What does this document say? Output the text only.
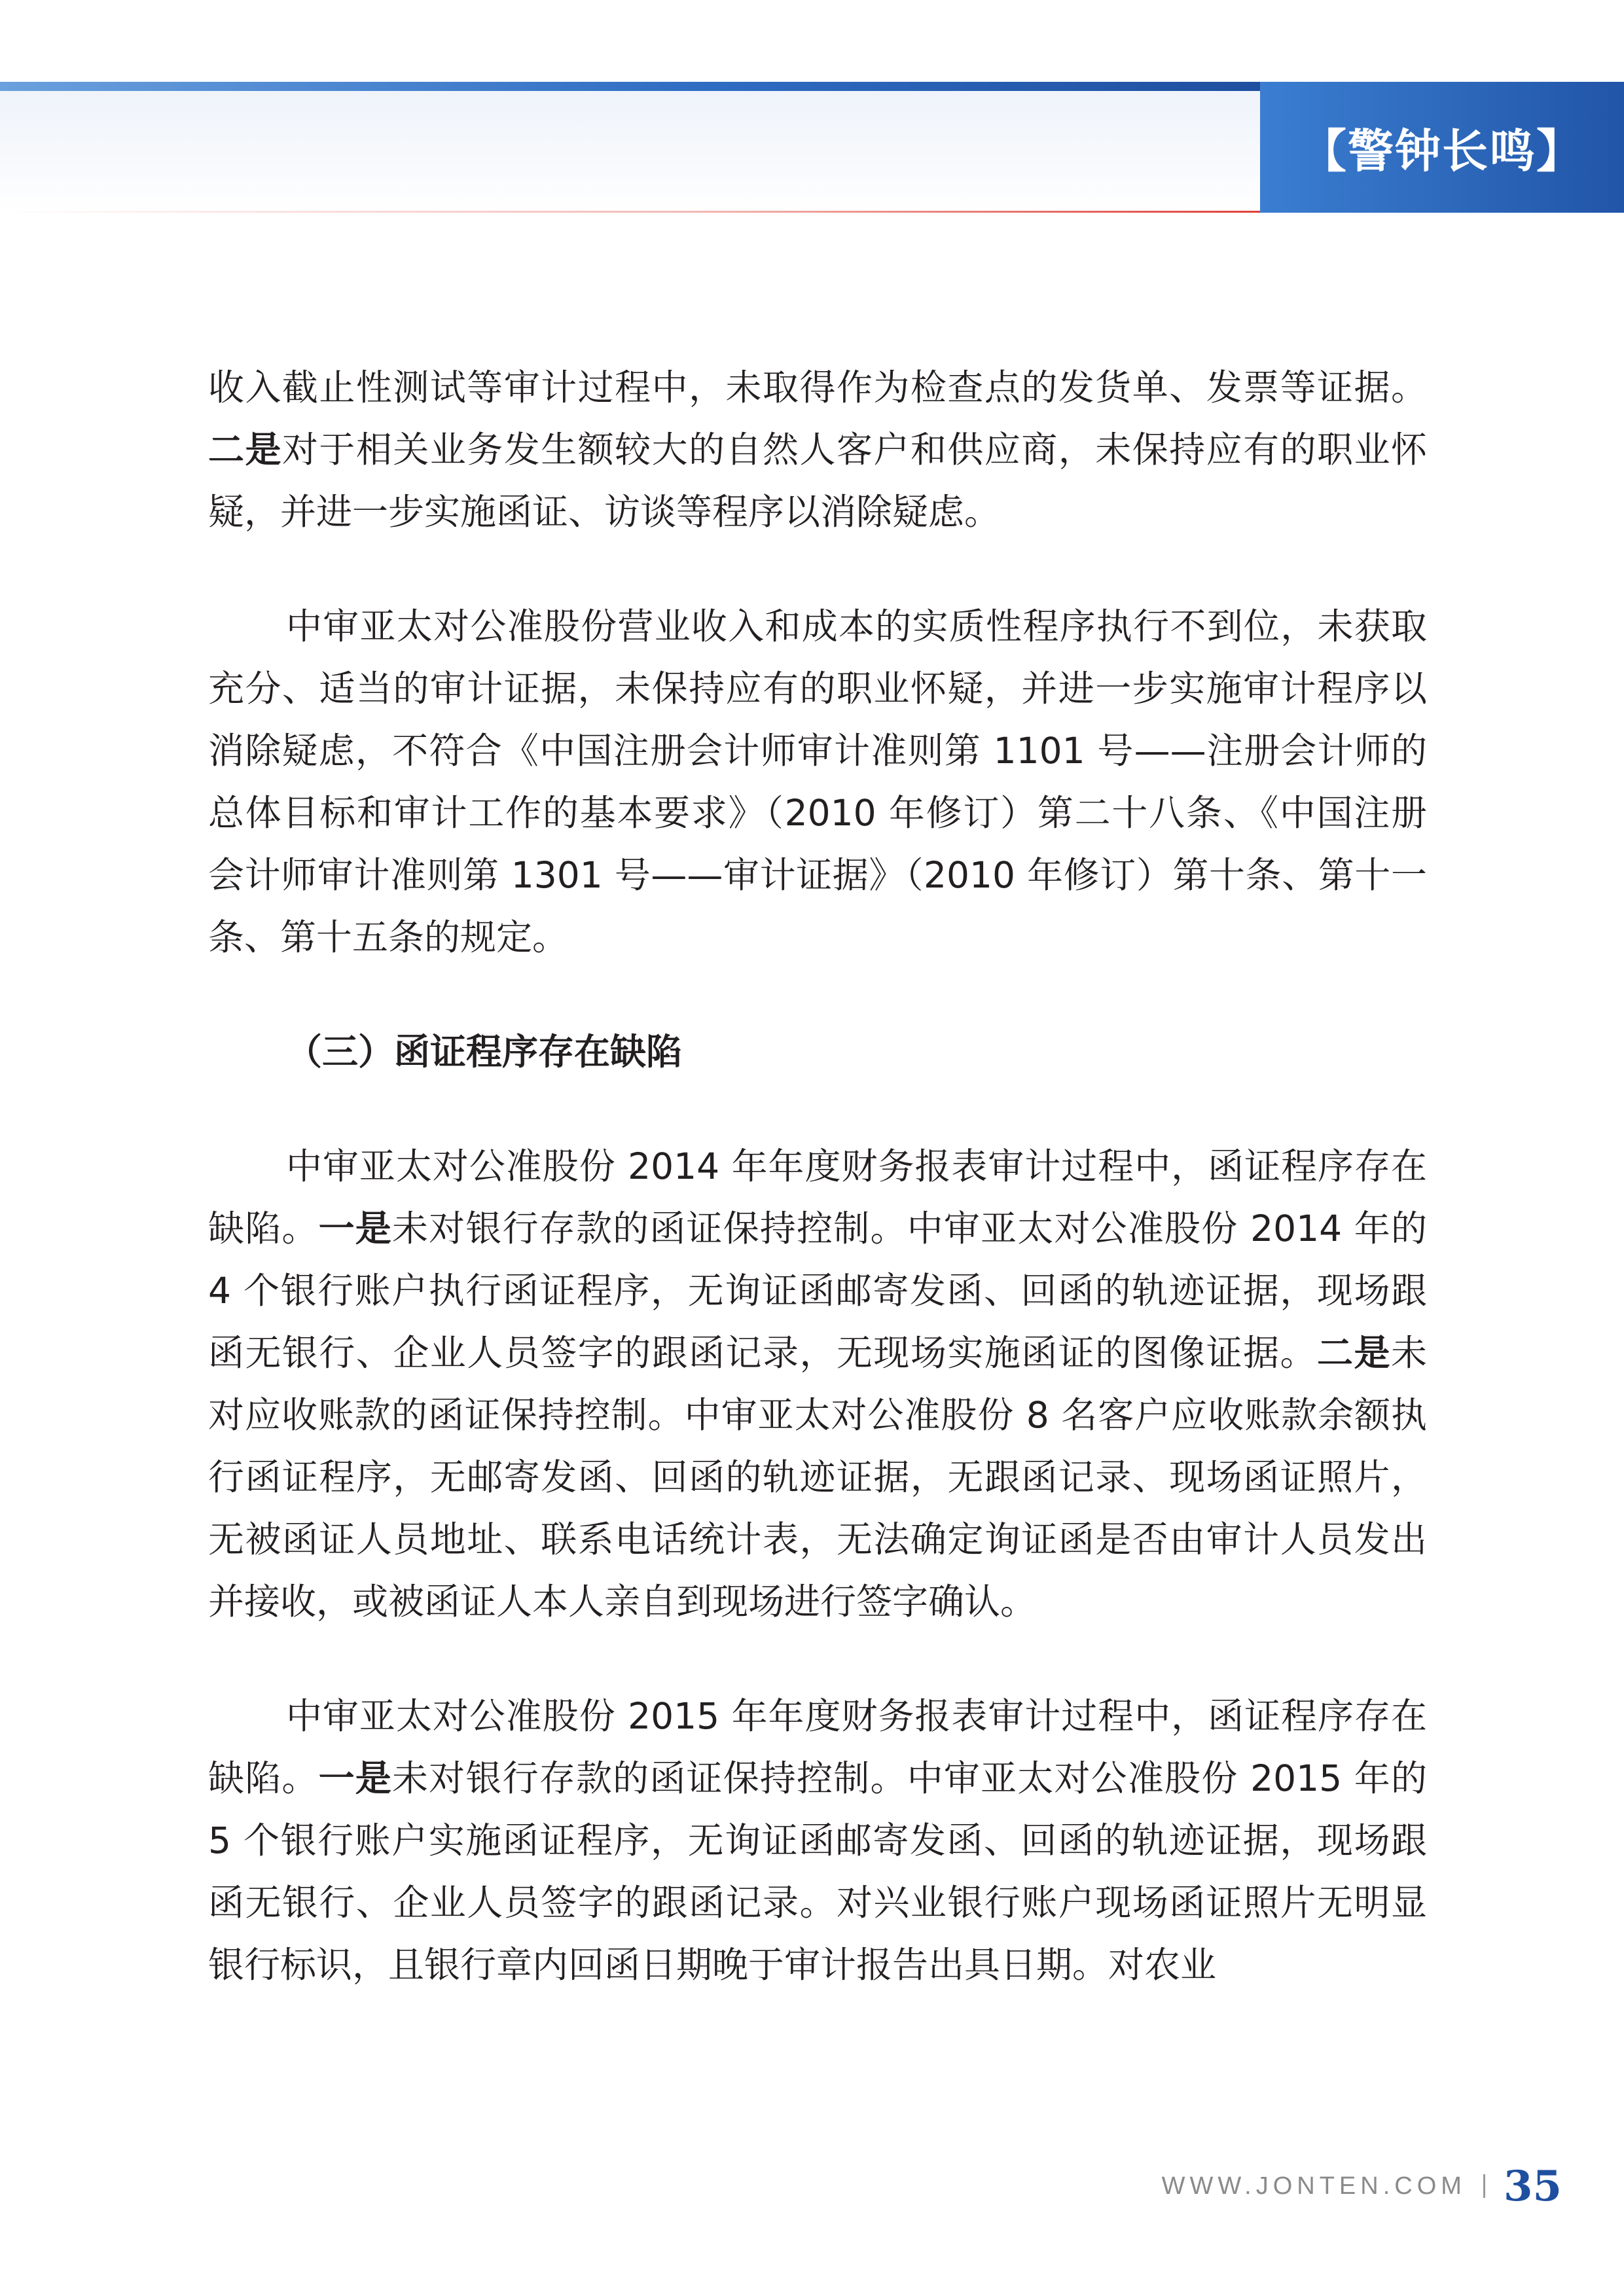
【警钟长鸣】

收入截止性测试等审计过程中，未取得作为检查点的发货单、发票等证据。二是对于相关业务发生额较大的自然人客户和供应商，未保持应有的职业怀疑，并进一步实施函证、访谈等程序以消除疑虑。

中审亚太对公准股份营业收入和成本的实质性程序执行不到位，未获取充分、适当的审计证据，未保持应有的职业怀疑，并进一步实施审计程序以消除疑虑，不符合《中国注册会计师审计准则第 1101 号——注册会计师的总体目标和审计工作的基本要求》（2010 年修订）第二十八条、《中国注册会计师审计准则第 1301 号——审计证据》（2010 年修订）第十条、第十一条、第十五条的规定。

（三）函证程序存在缺陷

中审亚太对公准股份 2014 年年度财务报表审计过程中，函证程序存在缺陷。一是未对银行存款的函证保持控制。中审亚太对公准股份 2014 年的 4 个银行账户执行函证程序，无询证函邮寄发函、回函的轨迹证据，现场跟函无银行、企业人员签字的跟函记录，无现场实施函证的图像证据。二是未对应收账款的函证保持控制。中审亚太对公准股份 8 名客户应收账款余额执行函证程序，无邮寄发函、回函的轨迹证据，无跟函记录、现场函证照片，无被函证人员地址、联系电话统计表，无法确定询证函是否由审计人员发出并接收，或被函证人本人亲自到现场进行签字确认。

中审亚太对公准股份 2015 年年度财务报表审计过程中，函证程序存在缺陷。一是未对银行存款的函证保持控制。中审亚太对公准股份 2015 年的 5 个银行账户实施函证程序，无询证函邮寄发函、回函的轨迹证据，现场跟函无银行、企业人员签字的跟函记录。对兴业银行账户现场函证照片无明显银行标识，且银行章内回函日期晚于审计报告出具日期。对农业

WWW.JONTEN.COM 35
